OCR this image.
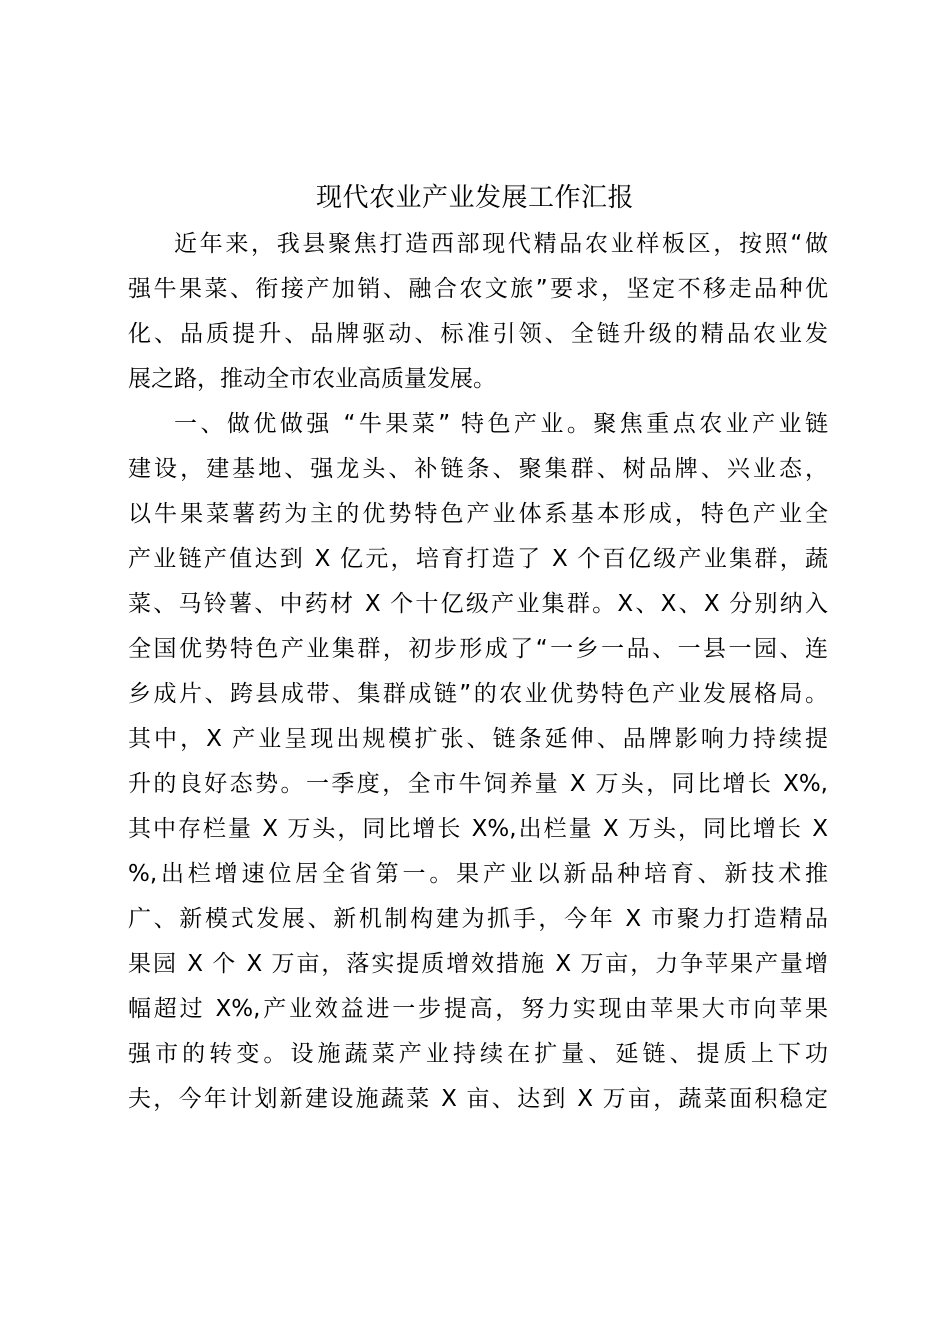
现代农业产业发展工作汇报
近年来，我县聚焦打造西部现代精品农业样板区，按照“做
强牛果菜、衔接产加销、融合农文旅”要求，坚定不移走品种优
化、品质提升、品牌驱动、标准引领、全链升级的精品农业发
展之路，推动全市农业高质量发展。
一、做优做强 “牛果菜” 特色产业。聚焦重点农业产业链
建设，建基地、强龙头、补链条、聚集群、树品牌、兴业态，
以牛果菜薯药为主的优势特色产业体系基本形成，特色产业全
产业链产值达到 X 亿元，培育打造了 X 个百亿级产业集群，蔬
菜、马铃薯、中药材 X 个十亿级产业集群。X、X、X 分别纳入
全国优势特色产业集群，初步形成了“一乡一品、一县一园、连
乡成片、跨县成带、集群成链”的农业优势特色产业发展格局。
其中，X 产业呈现出规模扩张、链条延伸、品牌影响力持续提
升的良好态势。一季度，全市牛饲养量 X 万头，同比增长 X%,
其中存栏量 X 万头，同比增长 X%,出栏量 X 万头，同比增长 X
%,出栏增速位居全省第一。果产业以新品种培育、新技术推
广、新模式发展、新机制构建为抓手，今年 X 市聚力打造精品
果园 X 个 X 万亩，落实提质增效措施 X 万亩，力争苹果产量增
幅超过 X%,产业效益进一步提高，努力实现由苹果大市向苹果
强市的转变。设施蔬菜产业持续在扩量、延链、提质上下功
夫，今年计划新建设施蔬菜 X 亩、达到 X 万亩，蔬菜面积稳定
